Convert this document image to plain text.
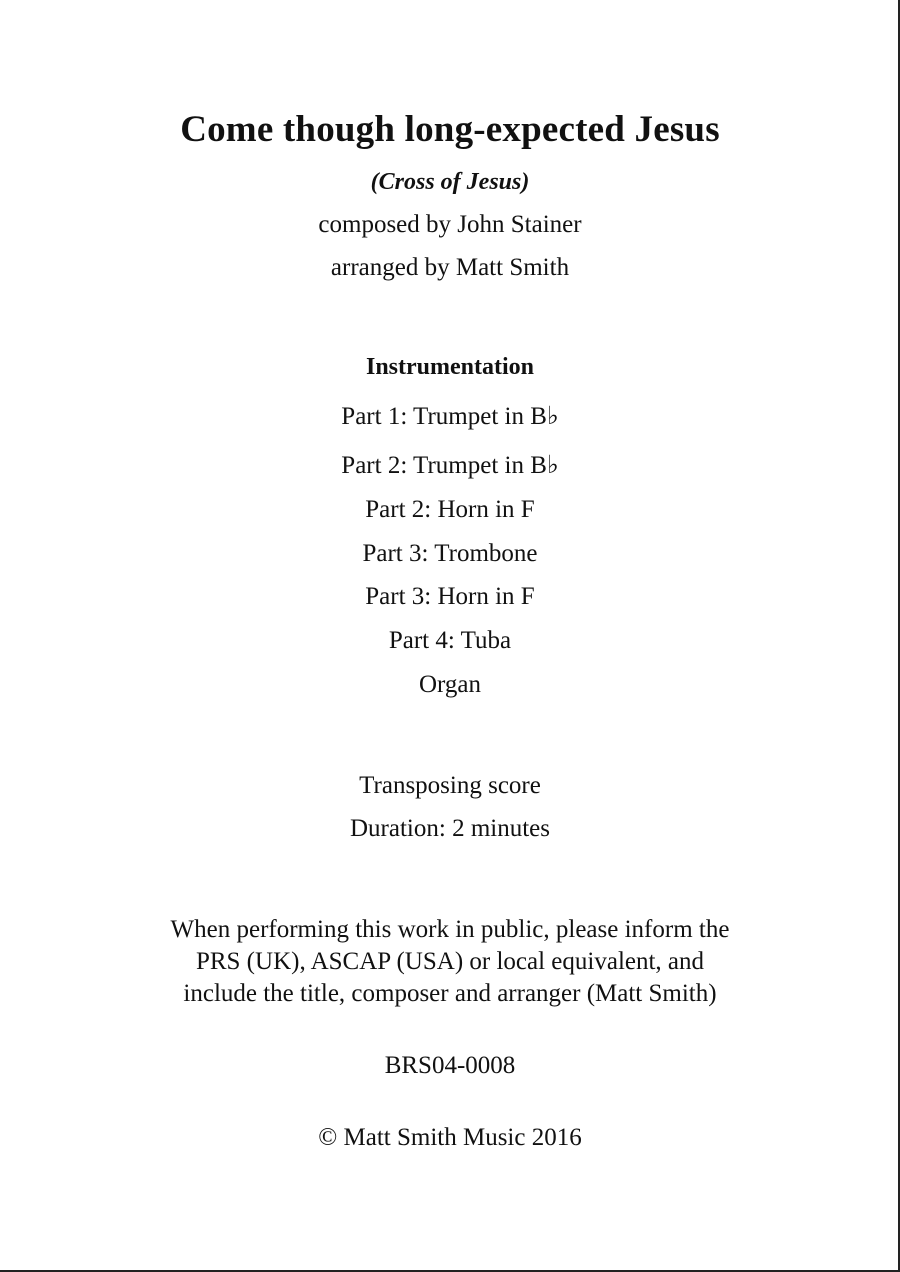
Come though long-expected Jesus
(Cross of Jesus)
composed by John Stainer
arranged by Matt Smith
Instrumentation
Part 1: Trumpet in B♭
Part 2: Trumpet in B♭
Part 2: Horn in F
Part 3: Trombone
Part 3: Horn in F
Part 4: Tuba
Organ
Transposing score
Duration: 2 minutes
When performing this work in public, please inform the
PRS (UK), ASCAP (USA) or local equivalent, and
include the title, composer and arranger (Matt Smith)
BRS04-0008
© Matt Smith Music 2016
